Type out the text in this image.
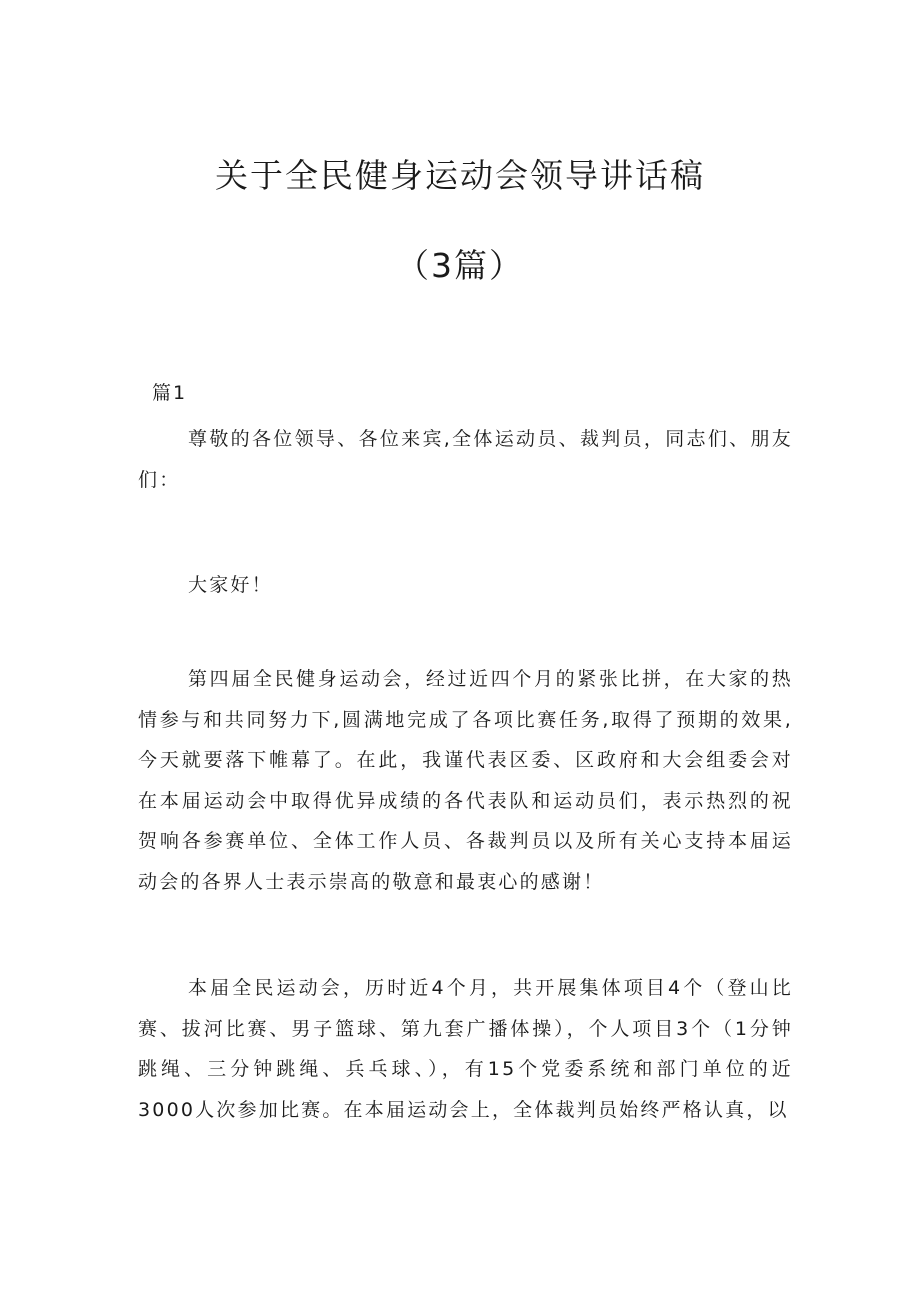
关于全民健身运动会领导讲话稿
（3篇）

篇1

尊敬的各位领导、各位来宾,全体运动员、裁判员，同志们、朋友们：

大家好！

第四届全民健身运动会，经过近四个月的紧张比拼，在大家的热情参与和共同努力下,圆满地完成了各项比赛任务,取得了预期的效果,今天就要落下帷幕了。在此，我谨代表区委、区政府和大会组委会对在本届运动会中取得优异成绩的各代表队和运动员们，表示热烈的祝贺响各参赛单位、全体工作人员、各裁判员以及所有关心支持本届运动会的各界人士表示崇高的敬意和最衷心的感谢！

本届全民运动会，历时近4个月，共开展集体项目4个（登山比赛、拔河比赛、男子篮球、第九套广播体操），个人项目3个（1分钟跳绳、三分钟跳绳、兵乓球、），有15个党委系统和部门单位的近3000人次参加比赛。在本届运动会上，全体裁判员始终严格认真，以
